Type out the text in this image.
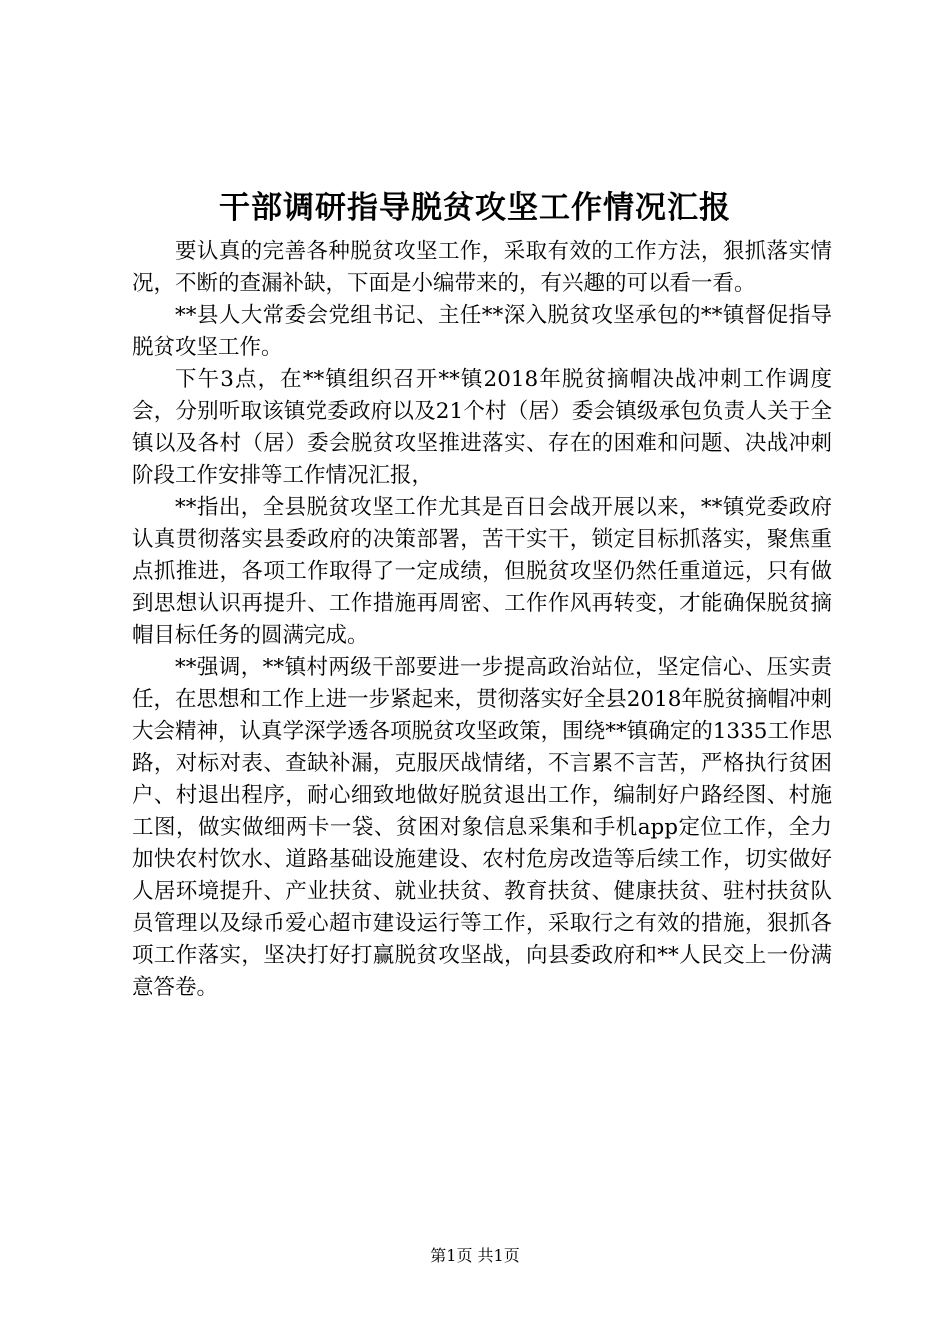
干部调研指导脱贫攻坚工作情况汇报

要认真的完善各种脱贫攻坚工作，采取有效的工作方法，狠抓落实情况，不断的查漏补缺，下面是小编带来的，有兴趣的可以看一看。

**县人大常委会党组书记、主任**深入脱贫攻坚承包的**镇督促指导脱贫攻坚工作。

下午3点，在**镇组织召开**镇2018年脱贫摘帽决战冲刺工作调度会，分别听取该镇党委政府以及21个村（居）委会镇级承包负责人关于全镇以及各村（居）委会脱贫攻坚推进落实、存在的困难和问题、决战冲刺阶段工作安排等工作情况汇报，

**指出，全县脱贫攻坚工作尤其是百日会战开展以来，**镇党委政府认真贯彻落实县委政府的决策部署，苦干实干，锁定目标抓落实，聚焦重点抓推进，各项工作取得了一定成绩，但脱贫攻坚仍然任重道远，只有做到思想认识再提升、工作措施再周密、工作作风再转变，才能确保脱贫摘帽目标任务的圆满完成。

**强调，**镇村两级干部要进一步提高政治站位，坚定信心、压实责任，在思想和工作上进一步紧起来，贯彻落实好全县2018年脱贫摘帽冲刺大会精神，认真学深学透各项脱贫攻坚政策，围绕**镇确定的1335工作思路，对标对表、查缺补漏，克服厌战情绪，不言累不言苦，严格执行贫困户、村退出程序，耐心细致地做好脱贫退出工作，编制好户路经图、村施工图，做实做细两卡一袋、贫困对象信息采集和手机app定位工作，全力加快农村饮水、道路基础设施建设、农村危房改造等后续工作，切实做好人居环境提升、产业扶贫、就业扶贫、教育扶贫、健康扶贫、驻村扶贫队员管理以及绿币爱心超市建设运行等工作，采取行之有效的措施，狠抓各项工作落实，坚决打好打赢脱贫攻坚战，向县委政府和**人民交上一份满意答卷。

第1页 共1页
